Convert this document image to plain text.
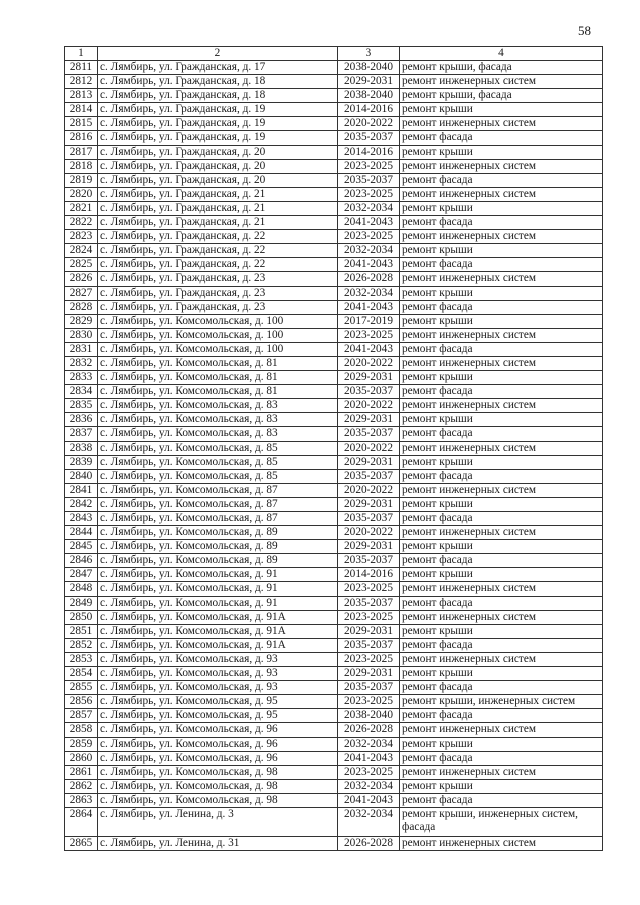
58
1	2	3	4
2811	с. Лямбирь, ул. Гражданская, д. 17	2038-2040	ремонт крыши, фасада
2812	с. Лямбирь, ул. Гражданская, д. 18	2029-2031	ремонт инженерных систем
2813	с. Лямбирь, ул. Гражданская, д. 18	2038-2040	ремонт крыши, фасада
2814	с. Лямбирь, ул. Гражданская, д. 19	2014-2016	ремонт крыши
2815	с. Лямбирь, ул. Гражданская, д. 19	2020-2022	ремонт инженерных систем
2816	с. Лямбирь, ул. Гражданская, д. 19	2035-2037	ремонт фасада
2817	с. Лямбирь, ул. Гражданская, д. 20	2014-2016	ремонт крыши
2818	с. Лямбирь, ул. Гражданская, д. 20	2023-2025	ремонт инженерных систем
2819	с. Лямбирь, ул. Гражданская, д. 20	2035-2037	ремонт фасада
2820	с. Лямбирь, ул. Гражданская, д. 21	2023-2025	ремонт инженерных систем
2821	с. Лямбирь, ул. Гражданская, д. 21	2032-2034	ремонт крыши
2822	с. Лямбирь, ул. Гражданская, д. 21	2041-2043	ремонт фасада
2823	с. Лямбирь, ул. Гражданская, д. 22	2023-2025	ремонт инженерных систем
2824	с. Лямбирь, ул. Гражданская, д. 22	2032-2034	ремонт крыши
2825	с. Лямбирь, ул. Гражданская, д. 22	2041-2043	ремонт фасада
2826	с. Лямбирь, ул. Гражданская, д. 23	2026-2028	ремонт инженерных систем
2827	с. Лямбирь, ул. Гражданская, д. 23	2032-2034	ремонт крыши
2828	с. Лямбирь, ул. Гражданская, д. 23	2041-2043	ремонт фасада
2829	с. Лямбирь, ул. Комсомольская, д. 100	2017-2019	ремонт крыши
2830	с. Лямбирь, ул. Комсомольская, д. 100	2023-2025	ремонт инженерных систем
2831	с. Лямбирь, ул. Комсомольская, д. 100	2041-2043	ремонт фасада
2832	с. Лямбирь, ул. Комсомольская, д. 81	2020-2022	ремонт инженерных систем
2833	с. Лямбирь, ул. Комсомольская, д. 81	2029-2031	ремонт крыши
2834	с. Лямбирь, ул. Комсомольская, д. 81	2035-2037	ремонт фасада
2835	с. Лямбирь, ул. Комсомольская, д. 83	2020-2022	ремонт инженерных систем
2836	с. Лямбирь, ул. Комсомольская, д. 83	2029-2031	ремонт крыши
2837	с. Лямбирь, ул. Комсомольская, д. 83	2035-2037	ремонт фасада
2838	с. Лямбирь, ул. Комсомольская, д. 85	2020-2022	ремонт инженерных систем
2839	с. Лямбирь, ул. Комсомольская, д. 85	2029-2031	ремонт крыши
2840	с. Лямбирь, ул. Комсомольская, д. 85	2035-2037	ремонт фасада
2841	с. Лямбирь, ул. Комсомольская, д. 87	2020-2022	ремонт инженерных систем
2842	с. Лямбирь, ул. Комсомольская, д. 87	2029-2031	ремонт крыши
2843	с. Лямбирь, ул. Комсомольская, д. 87	2035-2037	ремонт фасада
2844	с. Лямбирь, ул. Комсомольская, д. 89	2020-2022	ремонт инженерных систем
2845	с. Лямбирь, ул. Комсомольская, д. 89	2029-2031	ремонт крыши
2846	с. Лямбирь, ул. Комсомольская, д. 89	2035-2037	ремонт фасада
2847	с. Лямбирь, ул. Комсомольская, д. 91	2014-2016	ремонт крыши
2848	с. Лямбирь, ул. Комсомольская, д. 91	2023-2025	ремонт инженерных систем
2849	с. Лямбирь, ул. Комсомольская, д. 91	2035-2037	ремонт фасада
2850	с. Лямбирь, ул. Комсомольская, д. 91А	2023-2025	ремонт инженерных систем
2851	с. Лямбирь, ул. Комсомольская, д. 91А	2029-2031	ремонт крыши
2852	с. Лямбирь, ул. Комсомольская, д. 91А	2035-2037	ремонт фасада
2853	с. Лямбирь, ул. Комсомольская, д. 93	2023-2025	ремонт инженерных систем
2854	с. Лямбирь, ул. Комсомольская, д. 93	2029-2031	ремонт крыши
2855	с. Лямбирь, ул. Комсомольская, д. 93	2035-2037	ремонт фасада
2856	с. Лямбирь, ул. Комсомольская, д. 95	2023-2025	ремонт крыши, инженерных систем
2857	с. Лямбирь, ул. Комсомольская, д. 95	2038-2040	ремонт фасада
2858	с. Лямбирь, ул. Комсомольская, д. 96	2026-2028	ремонт инженерных систем
2859	с. Лямбирь, ул. Комсомольская, д. 96	2032-2034	ремонт крыши
2860	с. Лямбирь, ул. Комсомольская, д. 96	2041-2043	ремонт фасада
2861	с. Лямбирь, ул. Комсомольская, д. 98	2023-2025	ремонт инженерных систем
2862	с. Лямбирь, ул. Комсомольская, д. 98	2032-2034	ремонт крыши
2863	с. Лямбирь, ул. Комсомольская, д. 98	2041-2043	ремонт фасада
2864	с. Лямбирь, ул. Ленина, д. 3	2032-2034	ремонт крыши, инженерных систем, фасада
2865	с. Лямбирь, ул. Ленина, д. 31	2026-2028	ремонт инженерных систем
